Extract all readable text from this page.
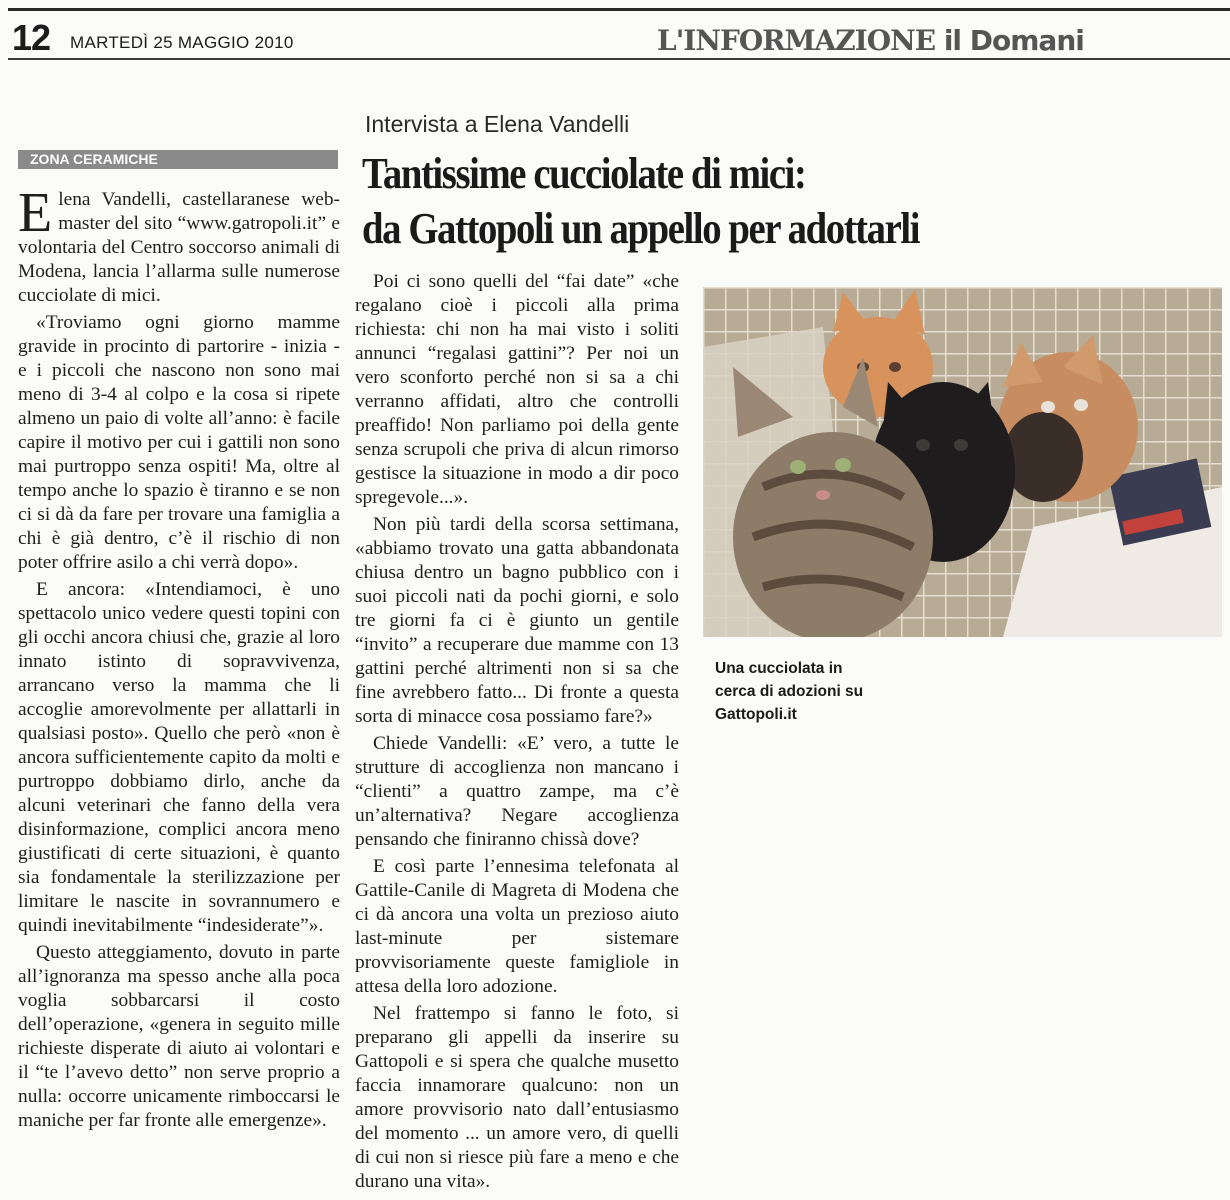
12 MARTEDÌ 25 MAGGIO 2010	L'INFORMAZIONE il Domani
Intervista a Elena Vandelli
ZONA CERAMICHE	Tantissime cucciolate di mici:
da Gattopoli un appello per adottarli

Elena Vandelli, castellaranese web-master del sito “www.gatropoli.it” e volontaria del Centro soccorso animali di Modena, lancia l’allarma sulle numerose cucciolate di mici.

«Troviamo ogni giorno mamme gravide in procinto di partorire - inizia - e i piccoli che nascono non sono mai meno di 3-4 al colpo e la cosa si ripete almeno un paio di volte all’anno: è facile capire il motivo per cui i gattili non sono mai purtroppo senza ospiti! Ma, oltre al tempo anche lo spazio è tiranno e se non ci si dà da fare per trovare una famiglia a chi è già dentro, c’è il rischio di non poter offrire asilo a chi verrà dopo».

E ancora: «Intendiamoci, è uno spettacolo unico vedere questi topini con gli occhi ancora chiusi che, grazie al loro innato istinto di sopravvivenza, arrancano verso la mamma che li accoglie amorevolmente per allattarli in qualsiasi posto». Quello che però «non è ancora sufficientemente capito da molti e purtroppo dobbiamo dirlo, anche da alcuni veterinari che fanno della vera disinformazione, complici ancora meno giustificati di certe situazioni, è quanto sia fondamentale la sterilizzazione per limitare le nascite in sovrannumero e quindi inevitabilmente “indesiderate”».

Questo atteggiamento, dovuto in parte all’ignoranza ma spesso anche alla poca voglia sobbarcarsi il costo dell’operazione, «genera in seguito mille richieste disperate di aiuto ai volontari e il “te l’avevo detto” non serve proprio a nulla: occorre unicamente rimboccarsi le maniche per far fronte alle emergenze».

Poi ci sono quelli del “fai date” «che regalano cioè i piccoli alla prima richiesta: chi non ha mai visto i soliti annunci “regalasi gattini”? Per noi un vero sconforto perché non si sa a chi verranno affidati, altro che controlli preaffido! Non parliamo poi della gente senza scrupoli che priva di alcun rimorso gestisce la situazione in modo a dir poco spregevole...».

Non più tardi della scorsa settimana, «abbiamo trovato una gatta abbandonata chiusa dentro un bagno pubblico con i suoi piccoli nati da pochi giorni, e solo tre giorni fa ci è giunto un gentile “invito” a recuperare due mamme con 13 gattini perché altrimenti non si sa che fine avrebbero fatto... Di fronte a questa sorta di minacce cosa possiamo fare?»

Chiede Vandelli: «E’ vero, a tutte le strutture di accoglienza non mancano i “clienti” a quattro zampe, ma c’è un’alternativa? Negare accoglienza pensando che finiranno chissà dove?

E così parte l’ennesima telefonata al Gattile-Canile di Magreta di Modena che ci dà ancora una volta un prezioso aiuto last-minute per sistemare provvisoriamente queste famigliole in attesa della loro adozione.

Nel frattempo si fanno le foto, si preparano gli appelli da inserire su Gattopoli e si spera che qualche musetto faccia innamorare qualcuno: non un amore provvisorio nato dall’entusiasmo del momento ... un amore vero, di quelli di cui non si riesce più fare a meno e che durano una vita».

Una cucciolata in cerca di adozioni su Gattopoli.it
